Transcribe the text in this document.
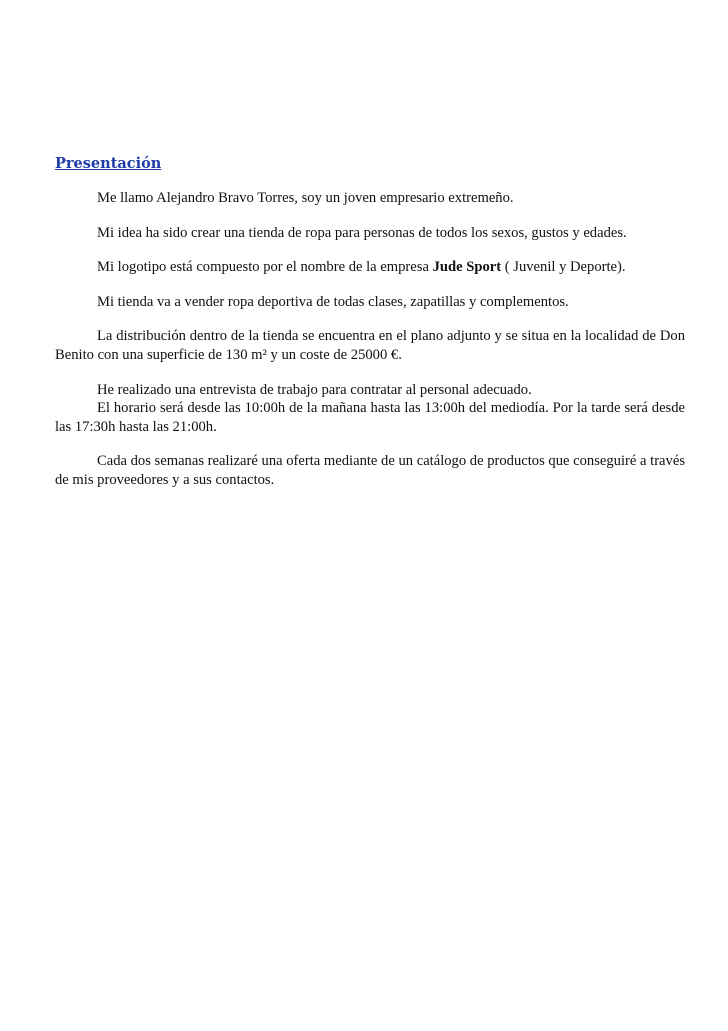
Presentación

Me llamo Alejandro Bravo Torres, soy un joven empresario extremeño.

Mi idea ha sido crear una tienda de ropa para personas de todos los sexos, gustos y edades.

Mi logotipo está compuesto por el nombre de la empresa Jude Sport ( Juvenil y Deporte).

Mi tienda va a vender ropa deportiva de todas clases, zapatillas y complementos.

La distribución dentro de la tienda se encuentra en el plano adjunto y se situa en la localidad de Don Benito con una superficie de 130 m² y un coste de 25000 €.

He realizado una entrevista de trabajo para contratar al personal adecuado.

El horario será desde las 10:00h de la mañana hasta las 13:00h del mediodía. Por la tarde será desde las 17:30h hasta las 21:00h.

Cada dos semanas realizaré una oferta mediante de un catálogo de productos que conseguiré a través de mis proveedores y a sus contactos.
